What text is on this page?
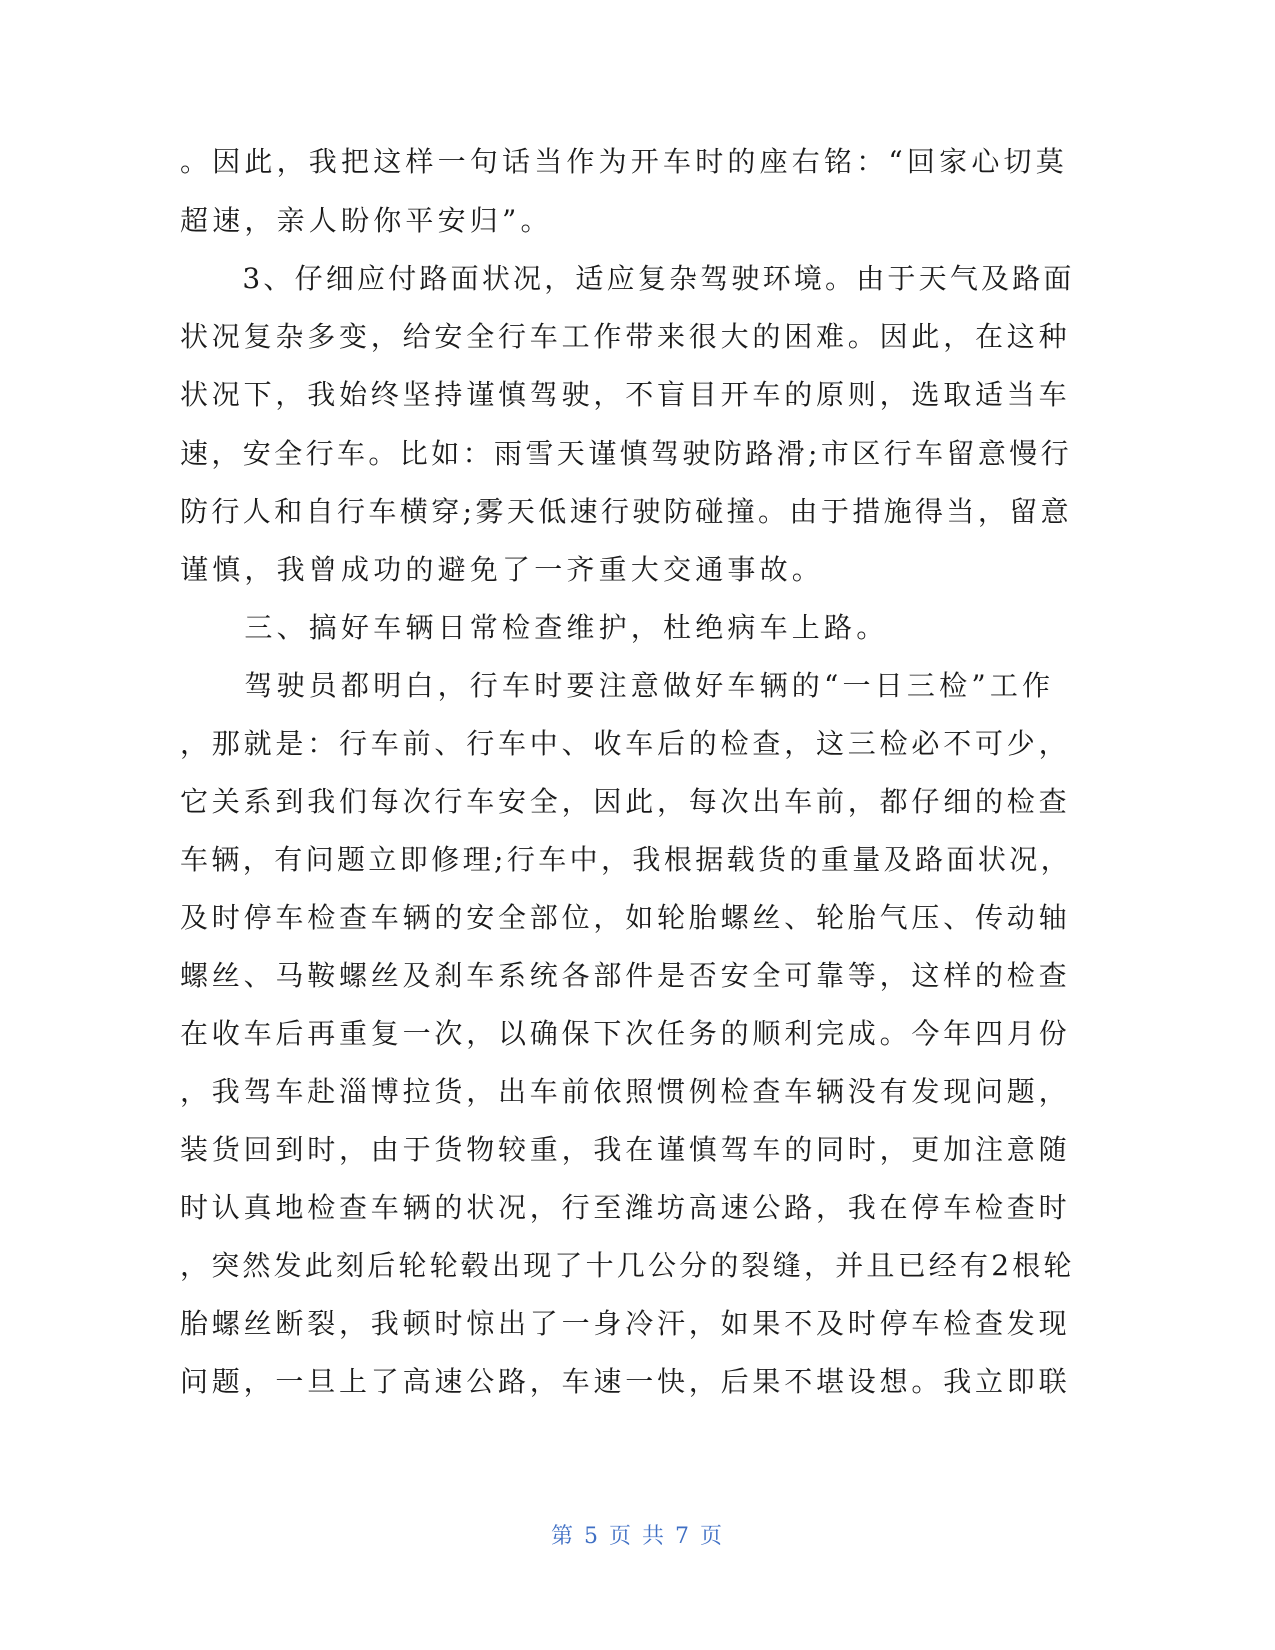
。因此，我把这样一句话当作为开车时的座右铭：“回家心切莫
超速，亲人盼你平安归”。
　　3、仔细应付路面状况，适应复杂驾驶环境。由于天气及路面
状况复杂多变，给安全行车工作带来很大的困难。因此，在这种
状况下，我始终坚持谨慎驾驶，不盲目开车的原则，选取适当车
速，安全行车。比如：雨雪天谨慎驾驶防路滑;市区行车留意慢行
防行人和自行车横穿;雾天低速行驶防碰撞。由于措施得当，留意
谨慎，我曾成功的避免了一齐重大交通事故。
　　三、搞好车辆日常检查维护，杜绝病车上路。
　　驾驶员都明白，行车时要注意做好车辆的“一日三检”工作
，那就是：行车前、行车中、收车后的检查，这三检必不可少，
它关系到我们每次行车安全，因此，每次出车前，都仔细的检查
车辆，有问题立即修理;行车中，我根据载货的重量及路面状况，
及时停车检查车辆的安全部位，如轮胎螺丝、轮胎气压、传动轴
螺丝、马鞍螺丝及刹车系统各部件是否安全可靠等，这样的检查
在收车后再重复一次，以确保下次任务的顺利完成。今年四月份
，我驾车赴淄博拉货，出车前依照惯例检查车辆没有发现问题，
装货回到时，由于货物较重，我在谨慎驾车的同时，更加注意随
时认真地检查车辆的状况，行至潍坊高速公路，我在停车检查时
，突然发此刻后轮轮毂出现了十几公分的裂缝，并且已经有2根轮
胎螺丝断裂，我顿时惊出了一身冷汗，如果不及时停车检查发现
问题，一旦上了高速公路，车速一快，后果不堪设想。我立即联
第 5 页 共 7 页
